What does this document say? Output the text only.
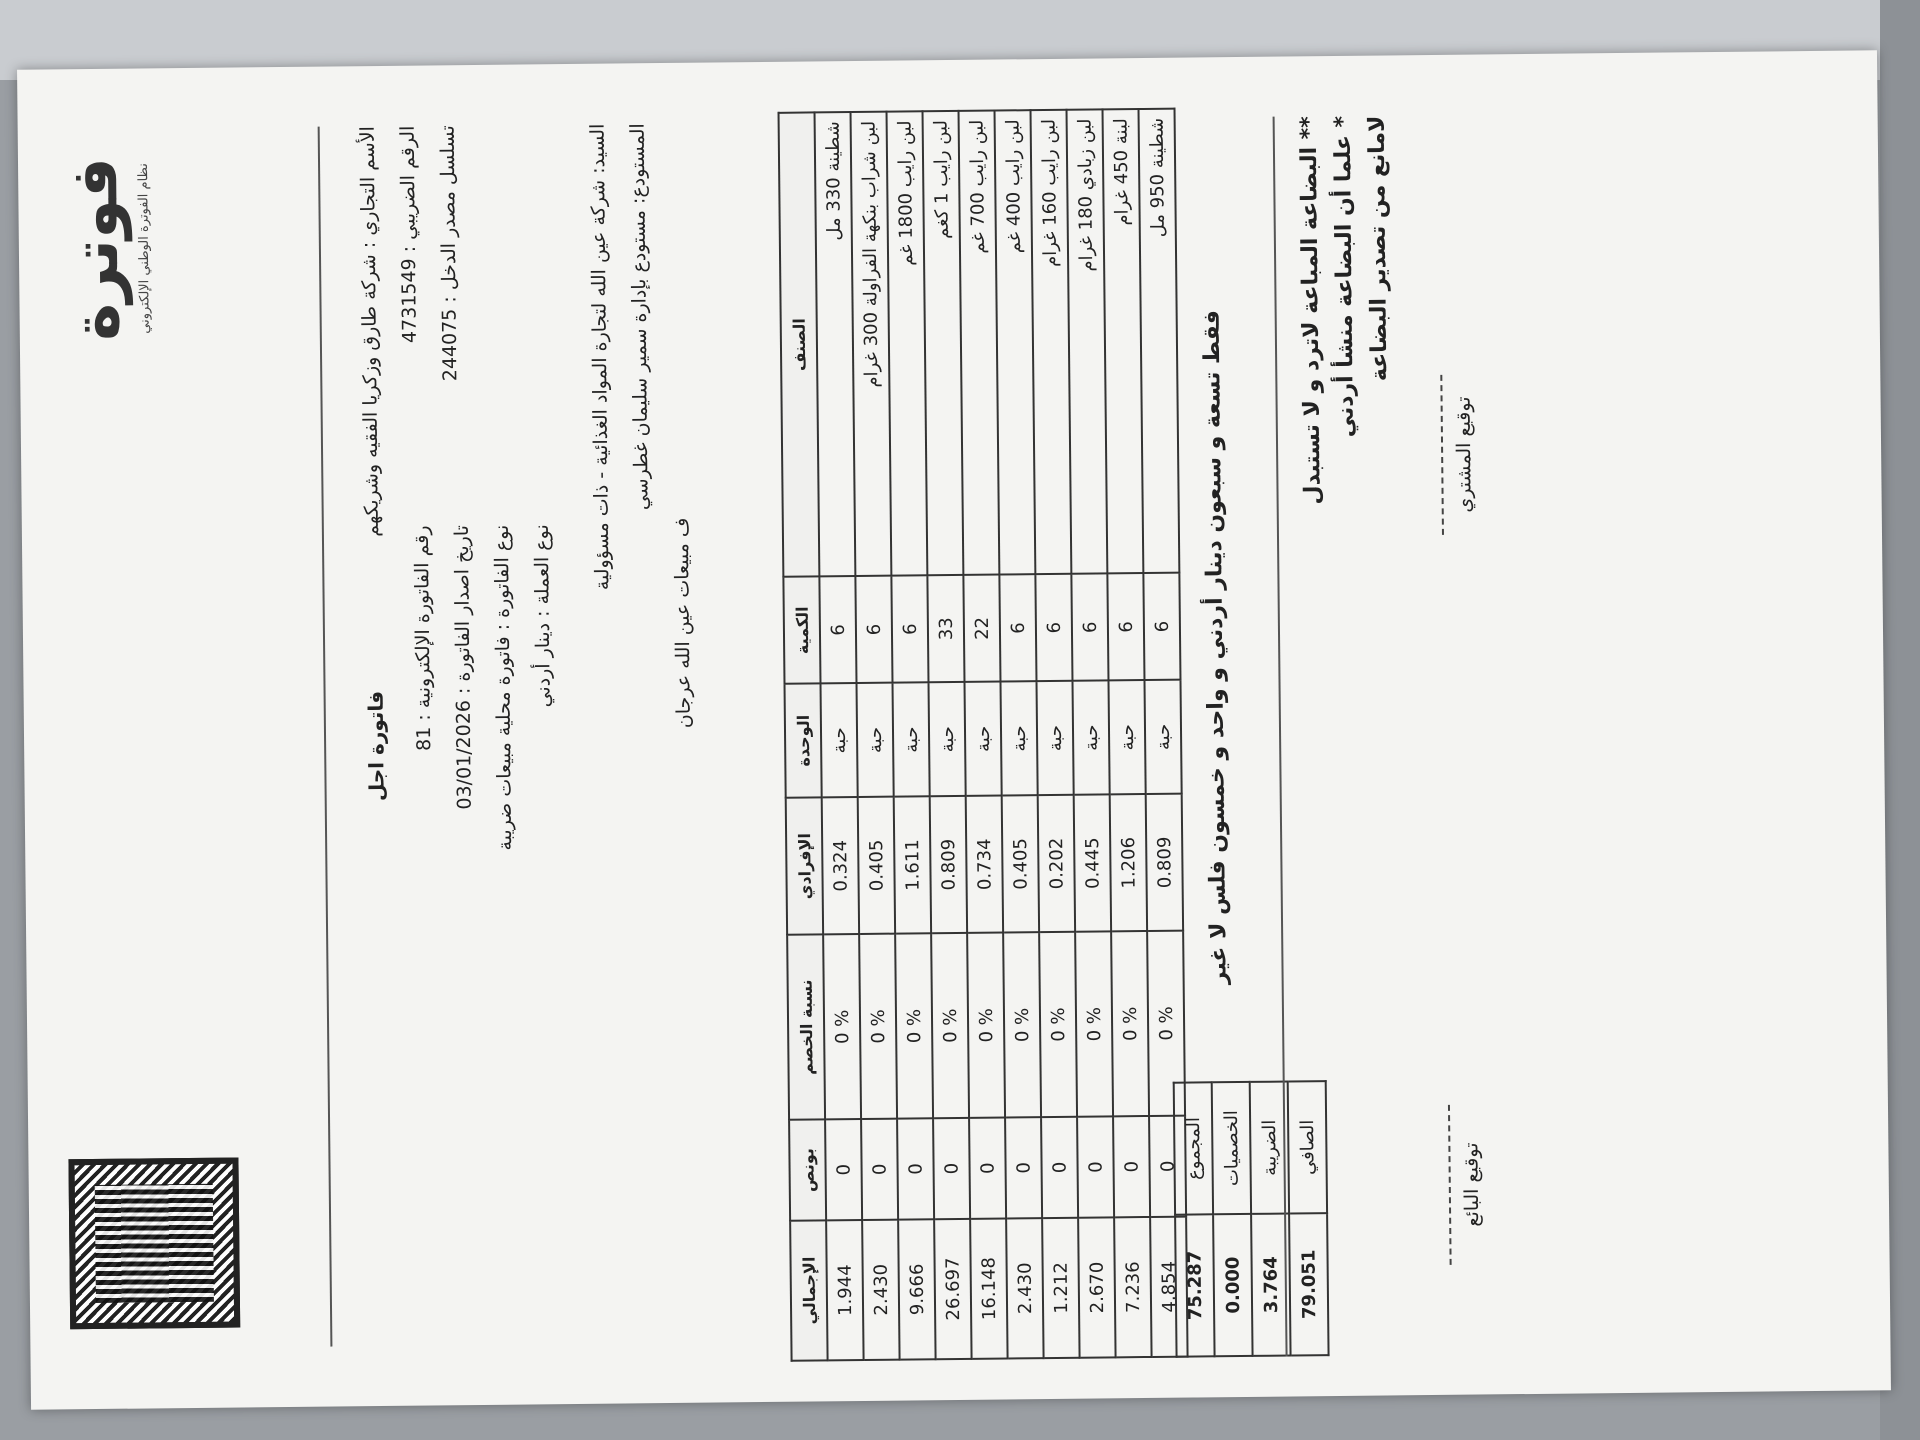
فوترة نظام الفوترة الوطني الإلكتروني	الأسم التجاري : شركة طارق وزكريا الفقيه وشريكهم
الرقم الضريبي : 4731549 تسلسل مصدر الدخل : 244075
فاتورة اجل
رقم الفاتورة الإلكترونية : 81
تاريخ اصدار الفاتورة : 03/01/2026
نوع الفاتورة : فاتورة محلية مبيعات ضريبة
نوع العملة : دينار أردني
السيد: شركة عين الله لتجارة المواد الغذائية - ذات مسؤولية
المستودع: مستودع بإدارة سمير سليمان غطرسي
ف مبيعات عين الله عرجان
الصنف	الكمية	الوحدة	الإفرادي	نسبة الخصم	بونص	الإجمالي
شطينة 330 مل	6	حبة	0.324	0 %	0	1.944
لبن شراب بنكهة الفراولة 300 غرام	6	حبة	0.405	0 %	0	2.430
لبن رايب 1800 غم	6	حبة	1.611	0 %	0	9.666
لبن رايب 1 كغم	33	حبة	0.809	0 %	0	26.697
لبن رايب 700 غم	22	حبة	0.734	0 %	0	16.148
لبن رايب 400 غم	6	حبة	0.405	0 %	0	2.430
لبن رايب 160 غرام	6	حبة	0.202	0 %	0	1.212
لبن زبادي 180 غرام	6	حبة	0.445	0 %	0	2.670
لبنة 450 غرام	6	حبة	1.206	0 %	0	7.236
شطينة 950 مل	6	حبة	0.809	0 %	0	4.854
المجموع	75.287
الخصميات	0.000
الضريبة	3.764
الصافي	79.051
فقط تسعة و سبعون دينار أردني و واحد و خمسون فلس لا غير	** البضاعة المباعة لاترد و لا تستبدل * علما أن البضاعة منشأ أردني لامانع من تصدير البضاعة
توقيع المشتري
توقيع البائع
